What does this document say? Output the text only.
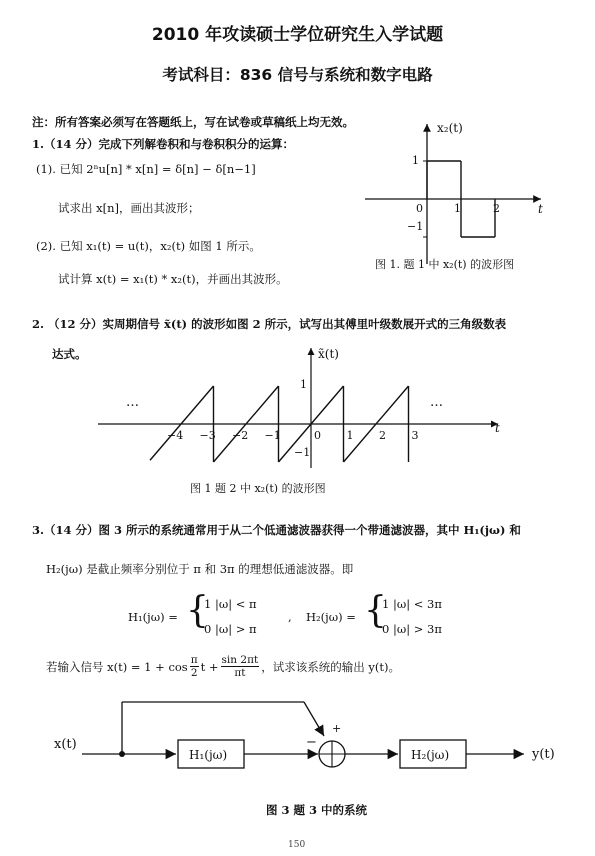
2010 年攻读硕士学位研究生入学试题
考试科目：836 信号与系统和数字电路
注：所有答案必须写在答题纸上，写在试卷或草稿纸上均无效。
1.（14 分）完成下列解卷积和与卷积积分的运算：
(1). 已知 2ⁿu[n] * x[n] = δ[n] − δ[n−1]
试求出 x[n]，画出其波形；
(2). 已知 x₁(t) = u(t)，x₂(t) 如图 1 所示。
试计算 x(t) = x₁(t) * x₂(t)，并画出其波形。
x₂(t)
t
1
−1
0	1	2
图 1. 题 1 中 x₂(t) 的波形图
2. （12 分）实周期信号 x̃(t) 的波形如图 2 所示，试写出其傅里叶级数展开式的三角级数表
达式。
−4 −3 −2 −1	0 1 2 3
x̃(t)
t
1
−1
…	…
图 1 题 2 中 x₂(t) 的波形图
3.（14 分）图 3 所示的系统通常用于从二个低通滤波器获得一个带通滤波器，其中 H₁(jω) 和
H₂(jω) 是截止频率分别位于 π 和 3π 的理想低通滤波器。即
H₁(jω) = {
1 |ω| < π
0 |ω| > π
, H₂(jω) = {
1 |ω| < 3π
0 |ω| > 3π
若输入信号 x(t) = 1 + cos π
2 $t + \frac{\sin 2\pi t}{\pi t}$ ，试求该系统的输出 y(t)。
x(t)
H₁(jω)
−
+
H₂(jω)	y(t)
图 3 题 3 中的系统
150
